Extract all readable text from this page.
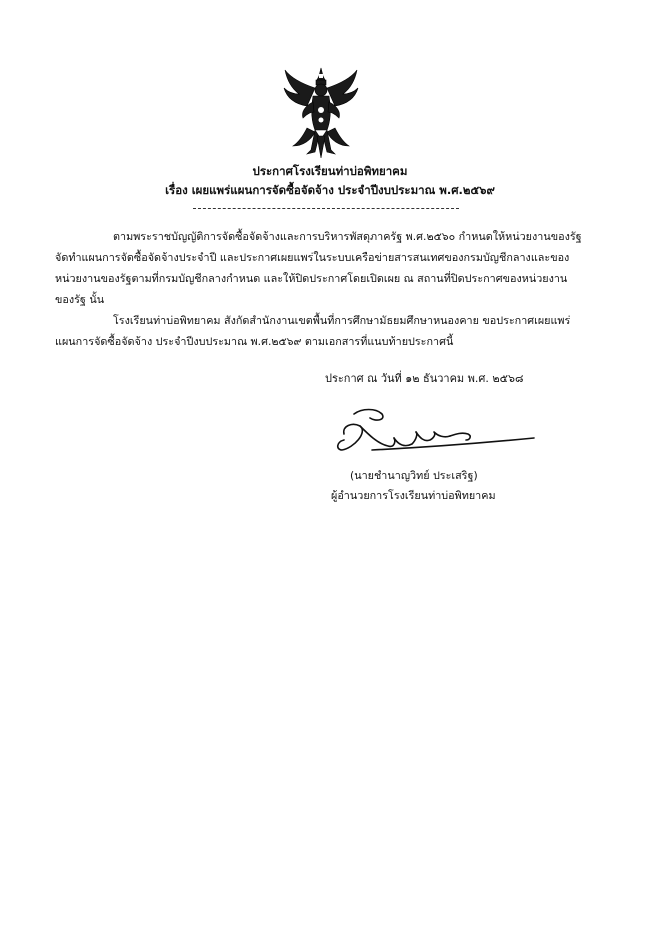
ประกาศโรงเรียนท่าบ่อพิทยาคม
เรื่อง เผยแพร่แผนการจัดซื้อจัดจ้าง ประจำปีงบประมาณ พ.ศ.๒๕๖๙
ตามพระราชบัญญัติการจัดซื้อจัดจ้างและการบริหารพัสดุภาครัฐ พ.ศ.๒๕๖๐ กำหนดให้หน่วยงานของรัฐ
จัดทำแผนการจัดซื้อจัดจ้างประจำปี และประกาศเผยแพร่ในระบบเครือข่ายสารสนเทศของกรมบัญชีกลางและของ
หน่วยงานของรัฐตามที่กรมบัญชีกลางกำหนด และให้ปิดประกาศโดยเปิดเผย ณ สถานที่ปิดประกาศของหน่วยงาน
ของรัฐ นั้น
โรงเรียนท่าบ่อพิทยาคม สังกัดสำนักงานเขตพื้นที่การศึกษามัธยมศึกษาหนองคาย ขอประกาศเผยแพร่
แผนการจัดซื้อจัดจ้าง ประจำปีงบประมาณ พ.ศ.๒๕๖๙ ตามเอกสารที่แนบท้ายประกาศนี้
ประกาศ ณ วันที่ ๑๒ ธันวาคม พ.ศ. ๒๕๖๘
(นายชำนาญวิทย์ ประเสริฐ)
ผู้อำนวยการโรงเรียนท่าบ่อพิทยาคม
